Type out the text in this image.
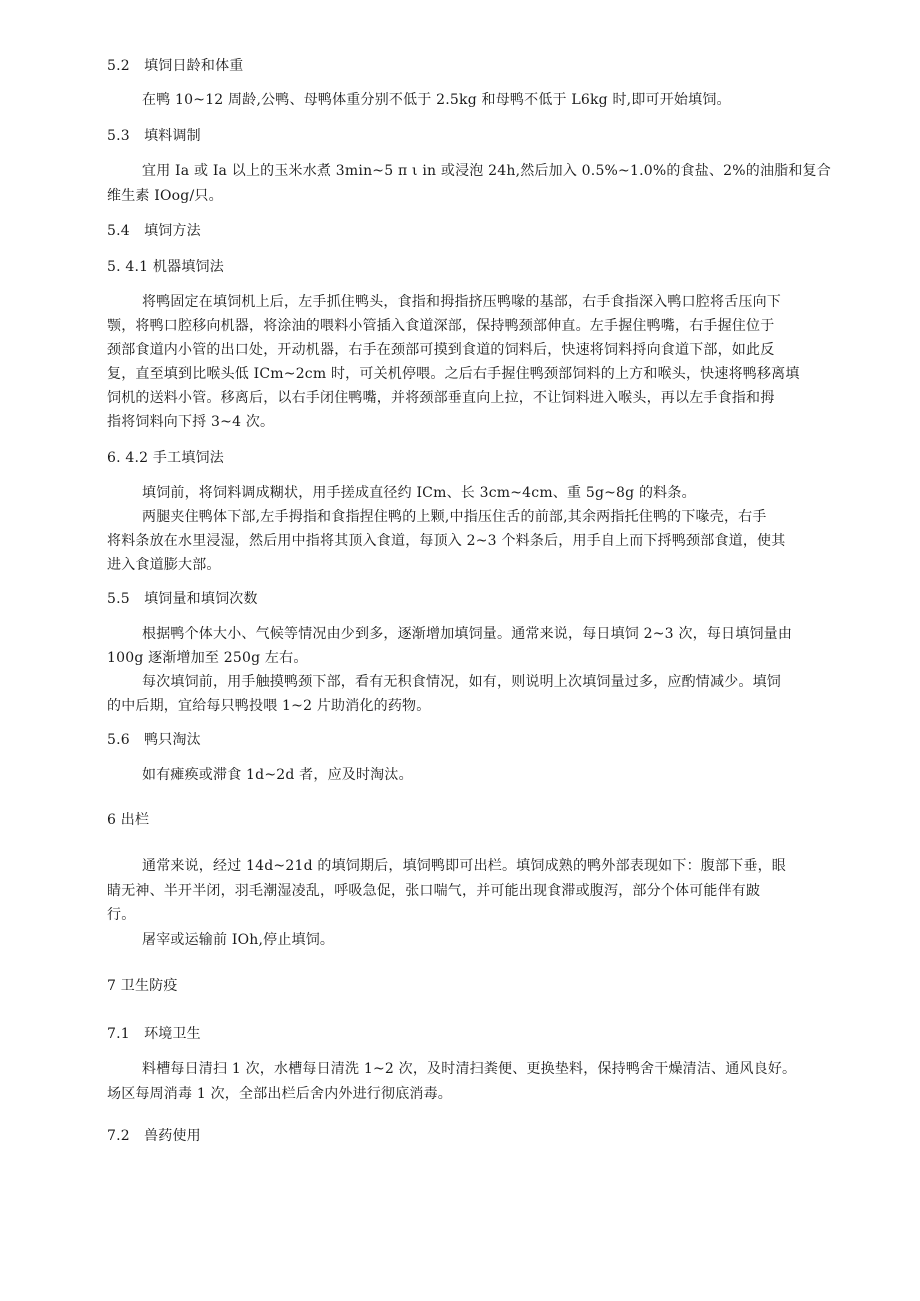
5.2　填饲日龄和体重
在鸭 10~12 周龄,公鸭、母鸭体重分别不低于 2.5kg 和母鸭不低于 L6kg 时,即可开始填饲。
5.3　填料调制
宜用 Ia 或 Ia 以上的玉米水煮 3min~5 π ι in 或浸泡 24h,然后加入 0.5%~1.0%的食盐、2%的油脂和复合
维生素 IOog/只。
5.4　填饲方法
5. 4.1 机器填饲法
将鸭固定在填饲机上后，左手抓住鸭头，食指和拇指挤压鸭喙的基部，右手食指深入鸭口腔将舌压向下
颚，将鸭口腔移向机器，将涂油的喂料小管插入食道深部，保持鸭颈部伸直。左手握住鸭嘴，右手握住位于
颈部食道内小管的出口处，开动机器，右手在颈部可摸到食道的饲料后，快速将饲料捋向食道下部，如此反
复，直至填到比喉头低 ICm~2cm 时，可关机停喂。之后右手握住鸭颈部饲料的上方和喉头，快速将鸭移离填
饲机的送料小管。移离后，以右手闭住鸭嘴，并将颈部垂直向上拉，不让饲料进入喉头，再以左手食指和拇
指将饲料向下捋 3~4 次。
6. 4.2 手工填饲法
填饲前，将饲料调成糊状，用手搓成直径约 ICm、长 3cm~4cm、重 5g~8g 的料条。
两腿夹住鸭体下部,左手拇指和食指捏住鸭的上颗,中指压住舌的前部,其余两指托住鸭的下喙壳，右手
将料条放在水里浸湿，然后用中指将其顶入食道，每顶入 2~3 个料条后，用手自上而下捋鸭颈部食道，使其
进入食道膨大部。
5.5　填饲量和填饲次数
根据鸭个体大小、气候等情况由少到多，逐渐增加填饲量。通常来说，每日填饲 2~3 次，每日填饲量由
100g 逐渐增加至 250g 左右。
每次填饲前，用手触摸鸭颈下部，看有无积食情况，如有，则说明上次填饲量过多，应酌情减少。填饲
的中后期，宜给每只鸭投喂 1~2 片助消化的药物。
5.6　鸭只淘汰
如有瘫痪或滞食 1d~2d 者，应及时淘汰。
6 出栏
通常来说，经过 14d~21d 的填饲期后，填饲鸭即可出栏。填饲成熟的鸭外部表现如下：腹部下垂，眼
睛无神、半开半闭，羽毛潮湿凌乱，呼吸急促，张口喘气，并可能出现食滞或腹泻，部分个体可能伴有跛
行。
屠宰或运输前 IOh,停止填饲。
7 卫生防疫
7.1　环境卫生
料槽每日清扫 1 次，水槽每日清洗 1~2 次，及时清扫粪便、更换垫料，保持鸭舍干燥清洁、通风良好。
场区每周消毒 1 次，全部出栏后舍内外进行彻底消毒。
7.2　兽药使用
